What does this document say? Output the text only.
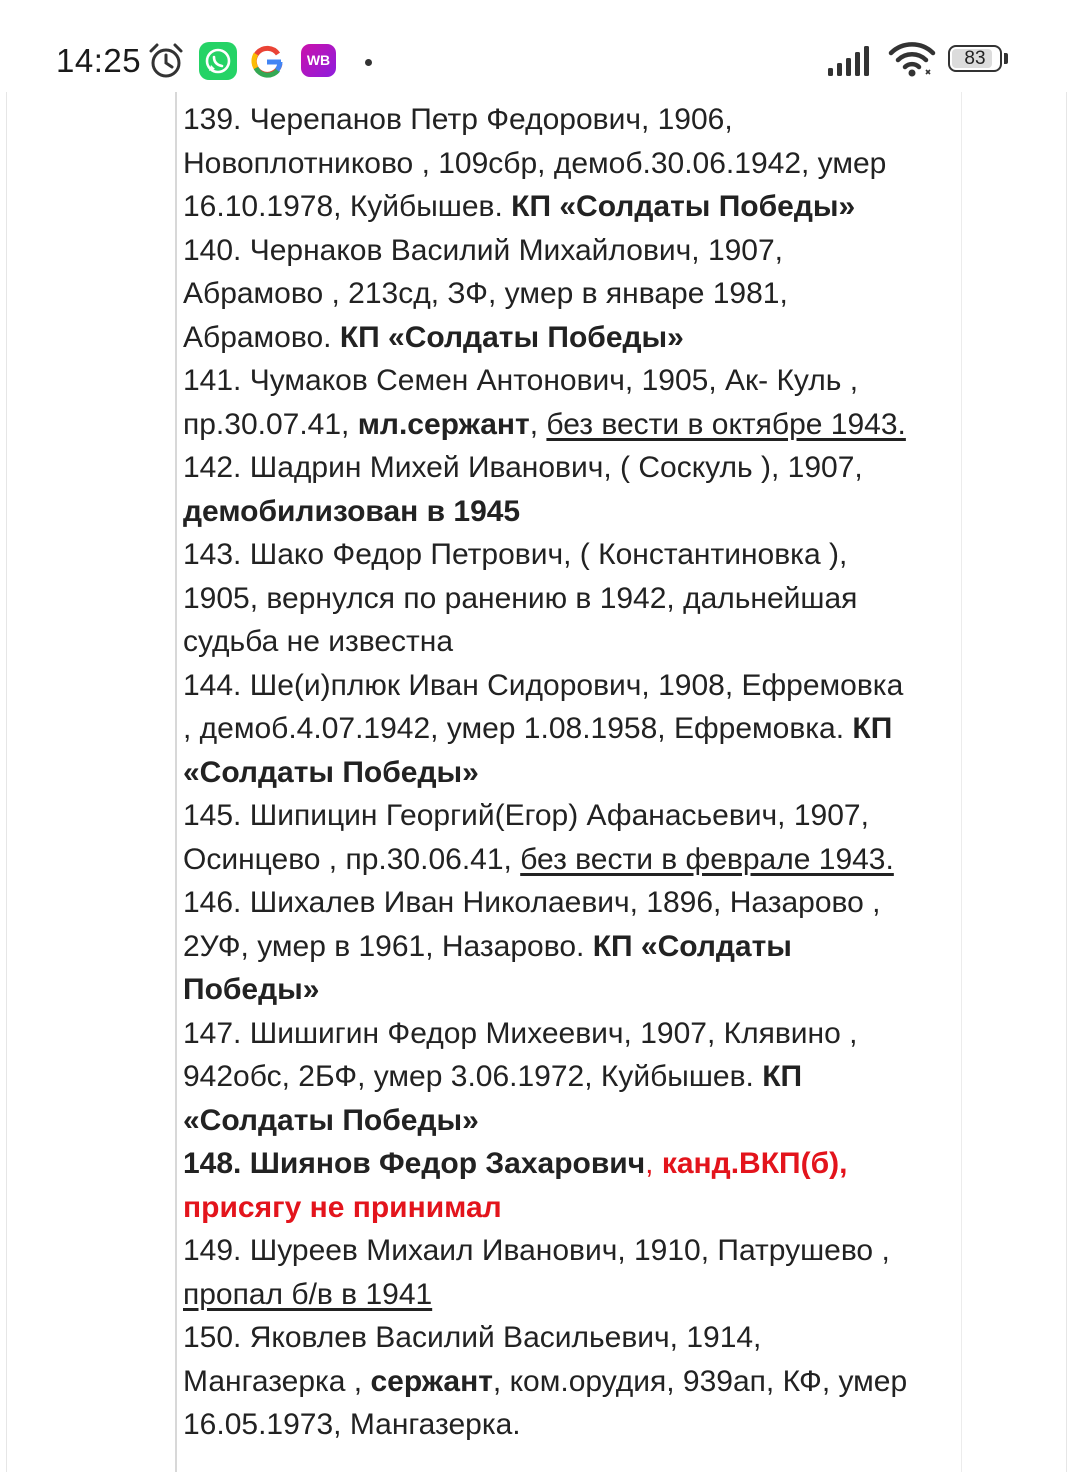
14:25	WB	83
139. Черепанов Петр Федорович, 1906,
Новоплотниково , 109сбр, демоб.30.06.1942, умер
16.10.1978, Куйбышев. КП «Солдаты Победы»
140. Чернаков Василий Михайлович, 1907,
Абрамово , 213сд, ЗФ, умер в январе 1981,
Абрамово. КП «Солдаты Победы»
141. Чумаков Семен Антонович, 1905, Ак- Куль ,
пр.30.07.41, мл.сержант, без вести в октябре 1943.
142. Шадрин Михей Иванович, ( Соскуль ), 1907,
демобилизован в 1945
143. Шако Федор Петрович, ( Константиновка ),
1905, вернулся по ранению в 1942, дальнейшая
судьба не известна
144. Ше(и)плюк Иван Сидорович, 1908, Ефремовка
, демоб.4.07.1942, умер 1.08.1958, Ефремовка. КП
«Солдаты Победы»
145. Шипицин Георгий(Егор) Афанасьевич, 1907,
Осинцево , пр.30.06.41, без вести в феврале 1943.
146. Шихалев Иван Николаевич, 1896, Назарово ,
2УФ, умер в 1961, Назарово. КП «Солдаты
Победы»
147. Шишигин Федор Михеевич, 1907, Клявино ,
942обс, 2БФ, умер 3.06.1972, Куйбышев. КП
«Солдаты Победы»
148. Шиянов Федор Захарович, канд.ВКП(б),
присягу не принимал
149. Шуреев Михаил Иванович, 1910, Патрушево ,
пропал б/в в 1941
150. Яковлев Василий Васильевич, 1914,
Мангазерка , сержант, ком.орудия, 939ап, КФ, умер
16.05.1973, Мангазерка.
